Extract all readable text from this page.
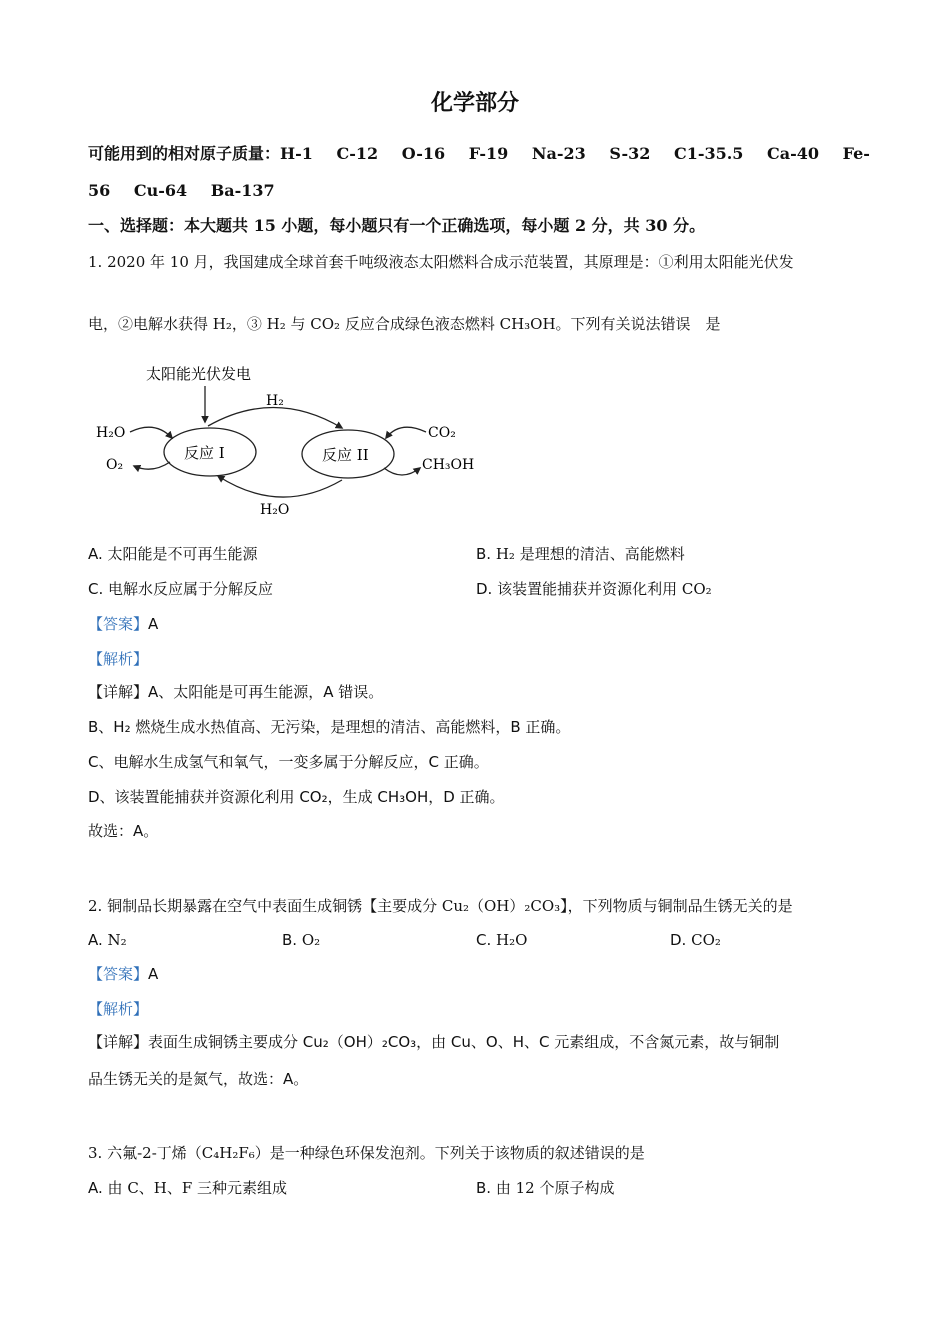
化学部分
可能用到的相对原子质量：H-1 C-12 O-16 F-19 Na-23 S-32 C1-35.5 Ca-40 Fe-
56 Cu-64 Ba-137
一、选择题：本大题共 15 小题，每小题只有一个正确选项，每小题 2 分，共 30 分。
1. 2020 年 10 月，我国建成全球首套千吨级液态太阳燃料合成示范装置，其原理是：①利用太阳能光伏发
电，②电解水获得 H₂，③ H₂ 与 CO₂ 反应合成绿色液态燃料 CH₃OH。下列有关说法错误　是
太阳能光伏发电
反应 I	反应 II
H₂
H₂O
H₂O
O₂
CO₂
CH₃OH
A. 太阳能是不可再生能源	B. H₂ 是理想的清洁、高能燃料
C. 电解水反应属于分解反应	D. 该装置能捕获并资源化利用 CO₂
【答案】A
【解析】
【详解】A、太阳能是可再生能源，A 错误。
B、H₂ 燃烧生成水热值高、无污染，是理想的清洁、高能燃料，B 正确。
C、电解水生成氢气和氧气，一变多属于分解反应，C 正确。
D、该装置能捕获并资源化利用 CO₂，生成 CH₃OH，D 正确。
故选：A。
2. 铜制品长期暴露在空气中表面生成铜锈【主要成分 Cu₂（OH）₂CO₃】，下列物质与铜制品生锈无关的是
A. N₂	B. O₂	C. H₂O	D. CO₂
【答案】A
【解析】
【详解】表面生成铜锈主要成分 Cu₂（OH）₂CO₃，由 Cu、O、H、C 元素组成，不含氮元素，故与铜制
品生锈无关的是氮气，故选：A。
3. 六氟-2-丁烯（C₄H₂F₆）是一种绿色环保发泡剂。下列关于该物质的叙述错误的是
A. 由 C、H、F 三种元素组成	B. 由 12 个原子构成
